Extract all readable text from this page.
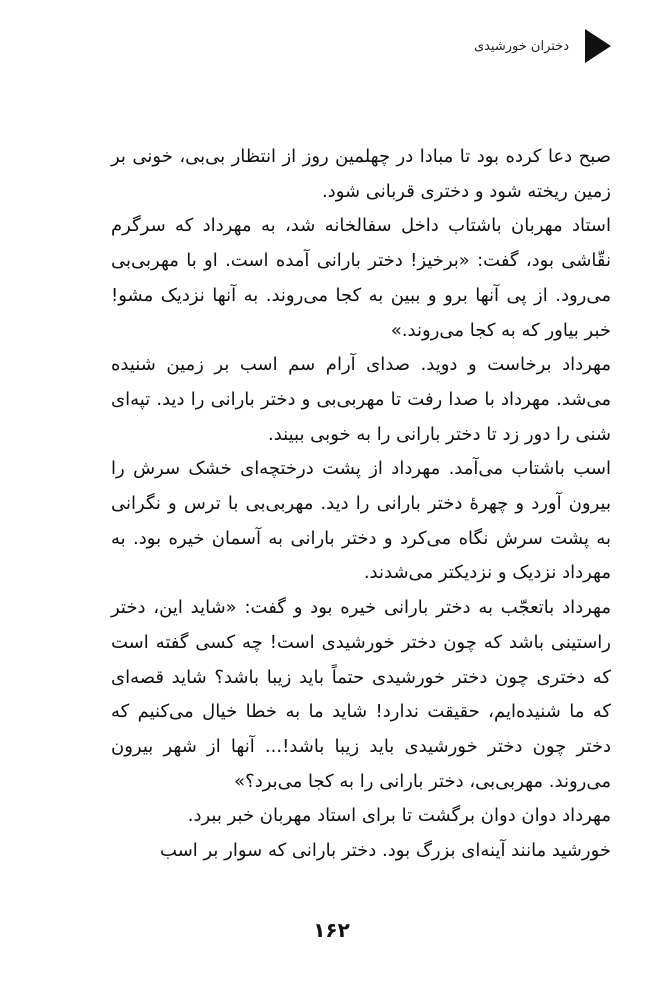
دختران خورشیدی

صبح دعا کرده بود تا مبادا در چهلمین روز از انتظار بی‌بی، خونی بر زمین ریخته شود و دختری قربانی شود.

استاد مهربان باشتاب داخل سفالخانه شد، به مهرداد که سرگرم نقّاشی بود، گفت: «برخیز! دختر بارانی آمده است. او با مهربی‌بی می‌رود. از پی آنها برو و ببین به کجا می‌روند. به آنها نزدیک مشو! خبر بیاور که به کجا می‌روند.»

مهرداد برخاست و دوید. صدای آرام سم اسب بر زمین شنیده می‌شد. مهرداد با صدا رفت تا مهربی‌بی و دختر بارانی را دید. تپه‌ای شنی را دور زد تا دختر بارانی را به خوبی ببیند.

اسب باشتاب می‌آمد. مهرداد از پشت درختچه‌ای خشک سرش را بیرون آورد و چهرهٔ دختر بارانی را دید. مهربی‌بی با ترس و نگرانی به پشت سرش نگاه می‌کرد و دختر بارانی به آسمان خیره بود. به مهرداد نزدیک و نزدیکتر می‌شدند.

مهرداد باتعجّب به دختر بارانی خیره بود و گفت: «شاید این، دختر راستینی باشد که چون دختر خورشیدی است! چه کسی گفته است که دختری چون دختر خورشیدی حتماً باید زیبا باشد؟ شاید قصه‌ای که ما شنیده‌ایم، حقیقت ندارد! شاید ما به خطا خیال می‌کنیم که دختر چون دختر خورشیدی باید زیبا باشد!... آنها از شهر بیرون می‌روند. مهربی‌بی، دختر بارانی را به کجا می‌برد؟»

مهرداد دوان دوان برگشت تا برای استاد مهربان خبر ببرد.

خورشید مانند آینه‌ای بزرگ بود. دختر بارانی که سوار بر اسب

۱۶۲
